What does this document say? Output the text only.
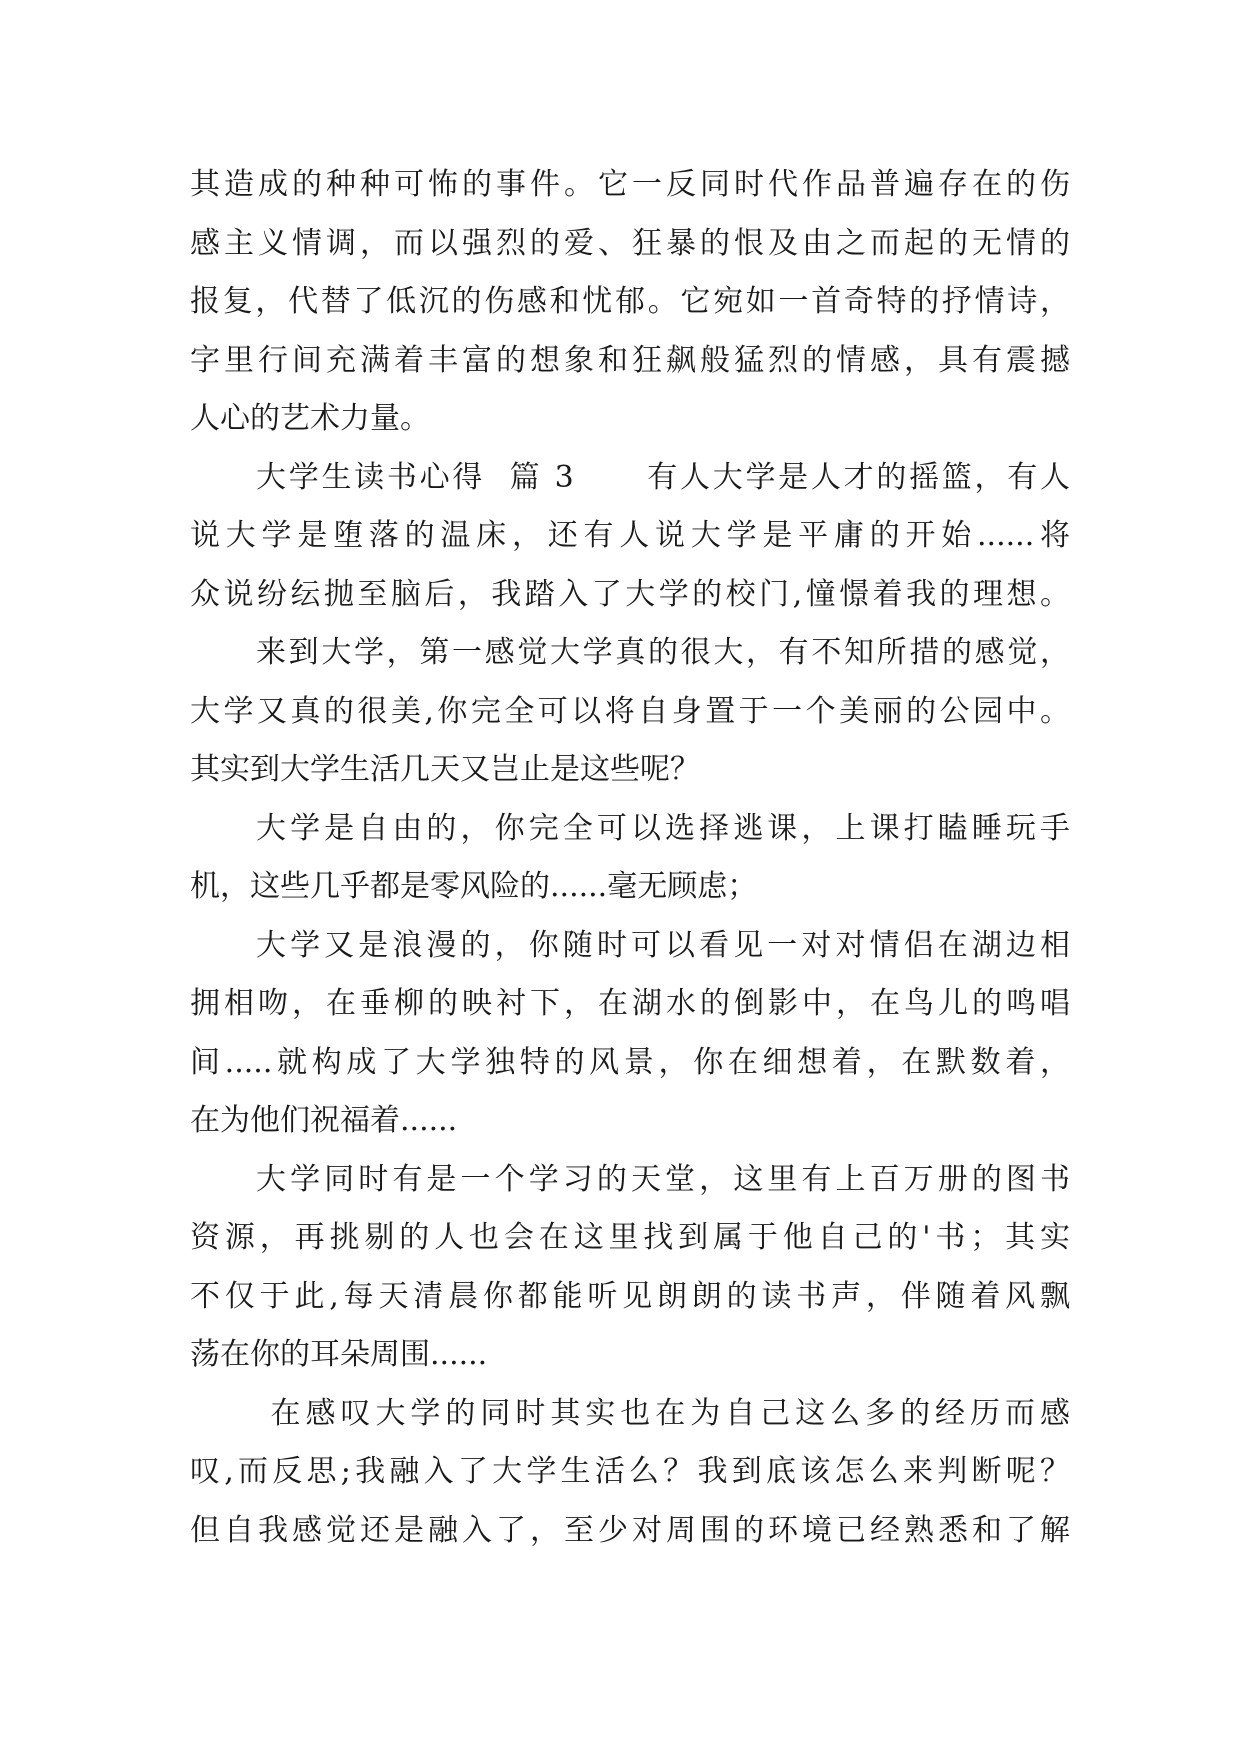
其造成的种种可怖的事件。它一反同时代作品普遍存在的伤
感主义情调，而以强烈的爱、狂暴的恨及由之而起的无情的
报复，代替了低沉的伤感和忧郁。它宛如一首奇特的抒情诗，
字里行间充满着丰富的想象和狂飙般猛烈的情感，具有震撼
人心的艺术力量。
大学生读书心得  篇 3      有人大学是人才的摇篮，有人
说大学是堕落的温床，还有人说大学是平庸的开始......将
众说纷纭抛至脑后，我踏入了大学的校门,憧憬着我的理想。
来到大学，第一感觉大学真的很大，有不知所措的感觉，
大学又真的很美,你完全可以将自身置于一个美丽的公园中。
其实到大学生活几天又岂止是这些呢？
大学是自由的，你完全可以选择逃课，上课打瞌睡玩手
机，这些几乎都是零风险的......毫无顾虑；
大学又是浪漫的，你随时可以看见一对对情侣在湖边相
拥相吻，在垂柳的映衬下，在湖水的倒影中，在鸟儿的鸣唱
间.....就构成了大学独特的风景，你在细想着，在默数着，
在为他们祝福着......
大学同时有是一个学习的天堂，这里有上百万册的图书
资源，再挑剔的人也会在这里找到属于他自己的'书；其实
不仅于此,每天清晨你都能听见朗朗的读书声，伴随着风飘
荡在你的耳朵周围......
在感叹大学的同时其实也在为自己这么多的经历而感
叹,而反思;我融入了大学生活么？我到底该怎么来判断呢？
但自我感觉还是融入了，至少对周围的环境已经熟悉和了解
